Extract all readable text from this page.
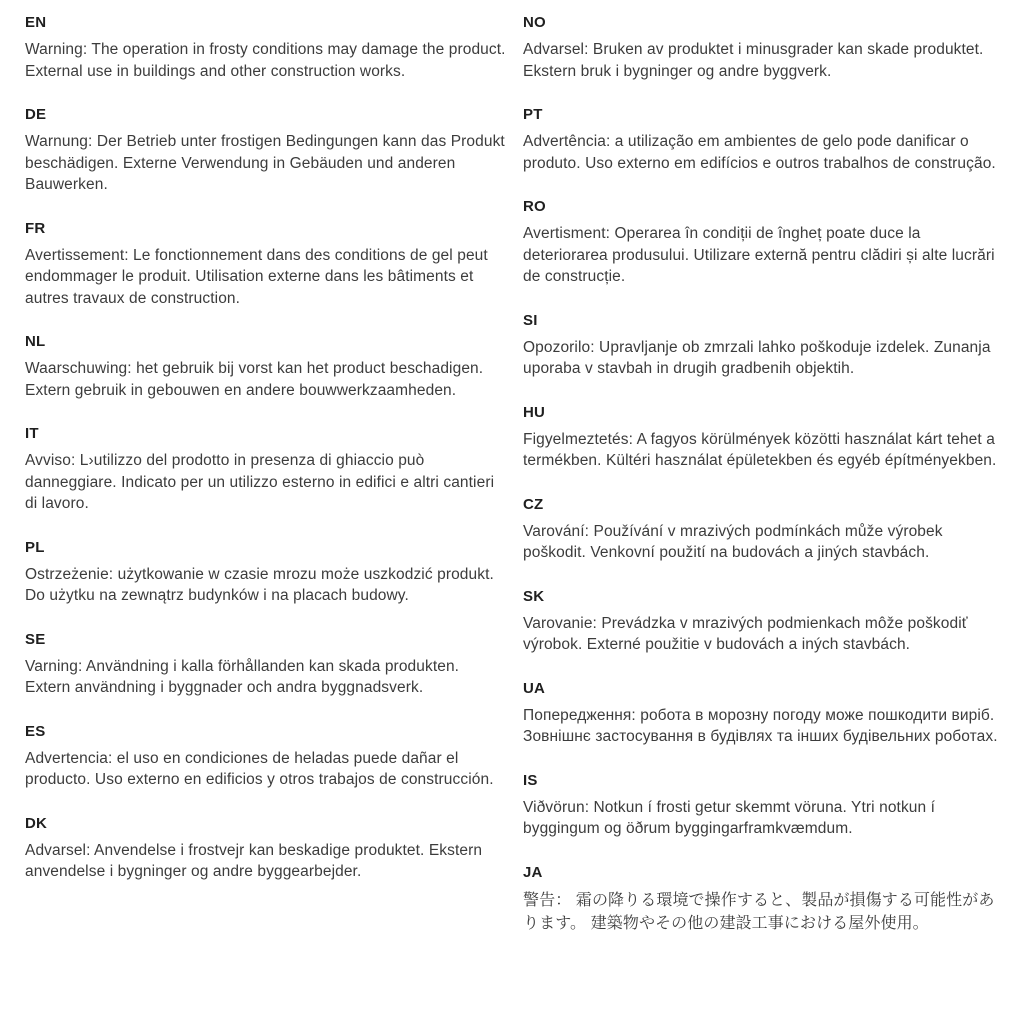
EN
Warning: The operation in frosty conditions may damage the product. External use in buildings and other construction works.
DE
Warnung: Der Betrieb unter frostigen Bedingungen kann das Produkt beschädigen. Externe Verwendung in Gebäuden und anderen Bauwerken.
FR
Avertissement: Le fonctionnement dans des conditions de gel peut endommager le produit. Utilisation externe dans les bâtiments et autres travaux de construction.
NL
Waarschuwing: het gebruik bij vorst kan het product beschadigen. Extern gebruik in gebouwen en andere bouwwerkzaamheden.
IT
Avviso: L›utilizzo del prodotto in presenza di ghiaccio può danneggiare. Indicato per un utilizzo esterno in edifici e altri cantieri di lavoro.
PL
Ostrzeżenie: użytkowanie w czasie mrozu może uszkodzić produkt. Do użytku na zewnątrz budynków i na placach budowy.
SE
Varning: Användning i kalla förhållanden kan skada produkten. Extern användning i byggnader och andra byggnadsverk.
ES
Advertencia: el uso en condiciones de heladas puede dañar el producto. Uso externo en edificios y otros trabajos de construcción.
DK
Advarsel: Anvendelse i frostvejr kan beskadige produktet. Ekstern anvendelse i bygninger og andre byggearbejder.
NO
Advarsel: Bruken av produktet i minusgrader kan skade produktet. Ekstern bruk i bygninger og andre byggverk.
PT
Advertência: a utilização em ambientes de gelo pode danificar o produto. Uso externo em edifícios e outros trabalhos de construção.
RO
Avertisment: Operarea în condiții de îngheț poate duce la deteriorarea produsului. Utilizare externă pentru clădiri și alte lucrări de construcție.
SI
Opozorilo: Upravljanje ob zmrzali lahko poškoduje izdelek. Zunanja uporaba v stavbah in drugih gradbenih objektih.
HU
Figyelmeztetés: A fagyos körülmények közötti használat kárt tehet a termékben. Kültéri használat épületekben és egyéb építményekben.
CZ
Varování: Používání v mrazivých podmínkách může výrobek poškodit. Venkovní použití na budovách a jiných stavbách.
SK
Varovanie: Prevádzka v mrazivých podmienkach môže poškodiť výrobok. Externé použitie v budovách a iných stavbách.
UA
Попередження: робота в морозну погоду може пошкодити виріб. Зовнішнє застосування в будівлях та інших будівельних роботах.
IS
Viðvörun: Notkun í frosti getur skemmt vöruna. Ytri notkun í byggingum og öðrum byggingarframkvæmdum.
JA
警告： 霜の降りる環境で操作すると、製品が損傷する可能性があります。 建築物やその他の建設工事における屋外使用。
